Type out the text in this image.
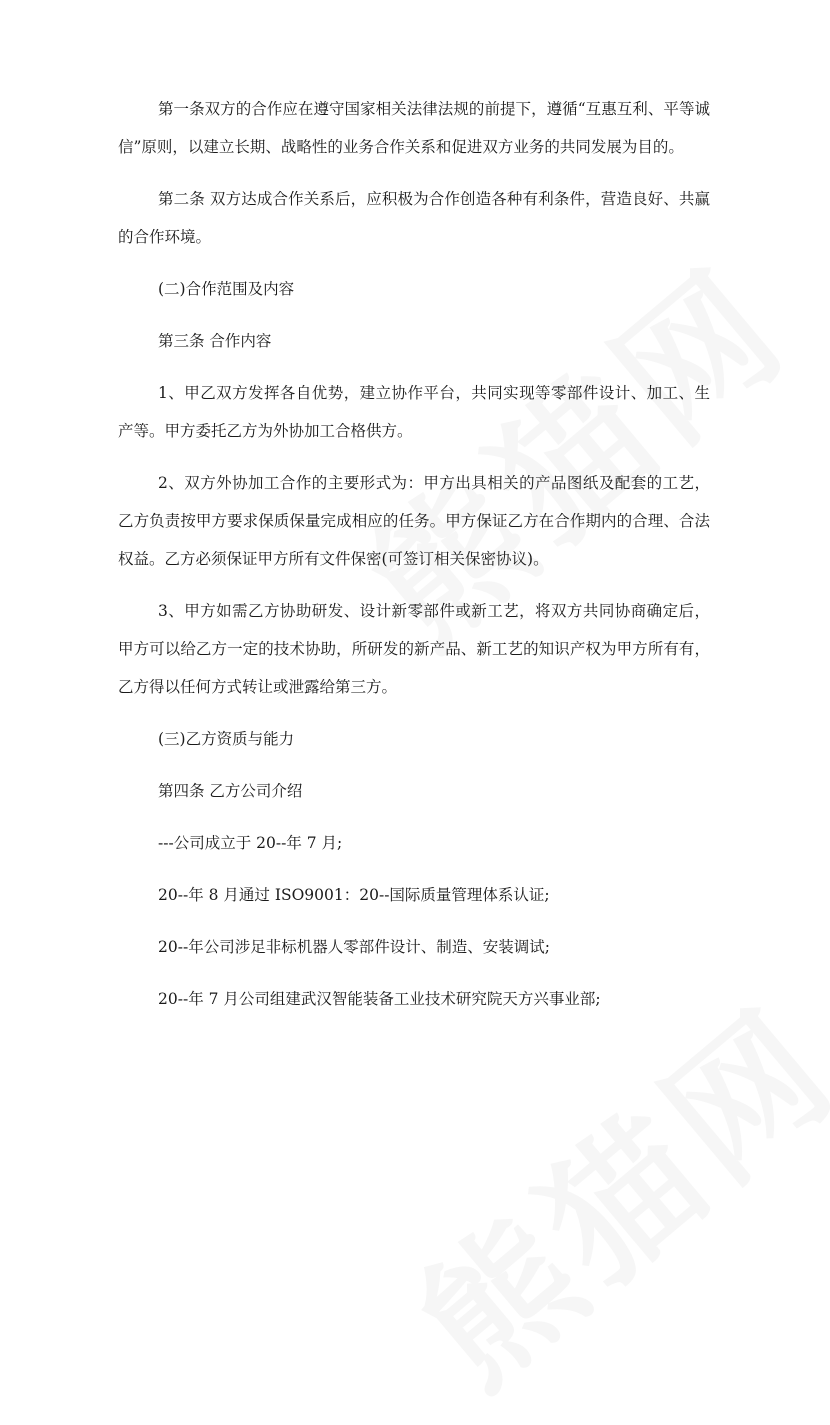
第一条双方的合作应在遵守国家相关法律法规的前提下，遵循“互惠互利、平等诚信”原则，以建立长期、战略性的业务合作关系和促进双方业务的共同发展为目的。

第二条 双方达成合作关系后，应积极为合作创造各种有利条件，营造良好、共赢的合作环境。

(二)合作范围及内容

第三条 合作内容

1、甲乙双方发挥各自优势，建立协作平台，共同实现等零部件设计、加工、生产等。甲方委托乙方为外协加工合格供方。

2、双方外协加工合作的主要形式为：甲方出具相关的产品图纸及配套的工艺，乙方负责按甲方要求保质保量完成相应的任务。甲方保证乙方在合作期内的合理、合法权益。乙方必须保证甲方所有文件保密(可签订相关保密协议)。

3、甲方如需乙方协助研发、设计新零部件或新工艺，将双方共同协商确定后，甲方可以给乙方一定的技术协助，所研发的新产品、新工艺的知识产权为甲方所有有，乙方得以任何方式转让或泄露给第三方。

(三)乙方资质与能力

第四条 乙方公司介绍

---公司成立于 20--年 7 月;

20--年 8 月通过 ISO9001：20--国际质量管理体系认证;

20--年公司涉足非标机器人零部件设计、制造、安装调试;

20--年 7 月公司组建武汉智能装备工业技术研究院天方兴事业部;
